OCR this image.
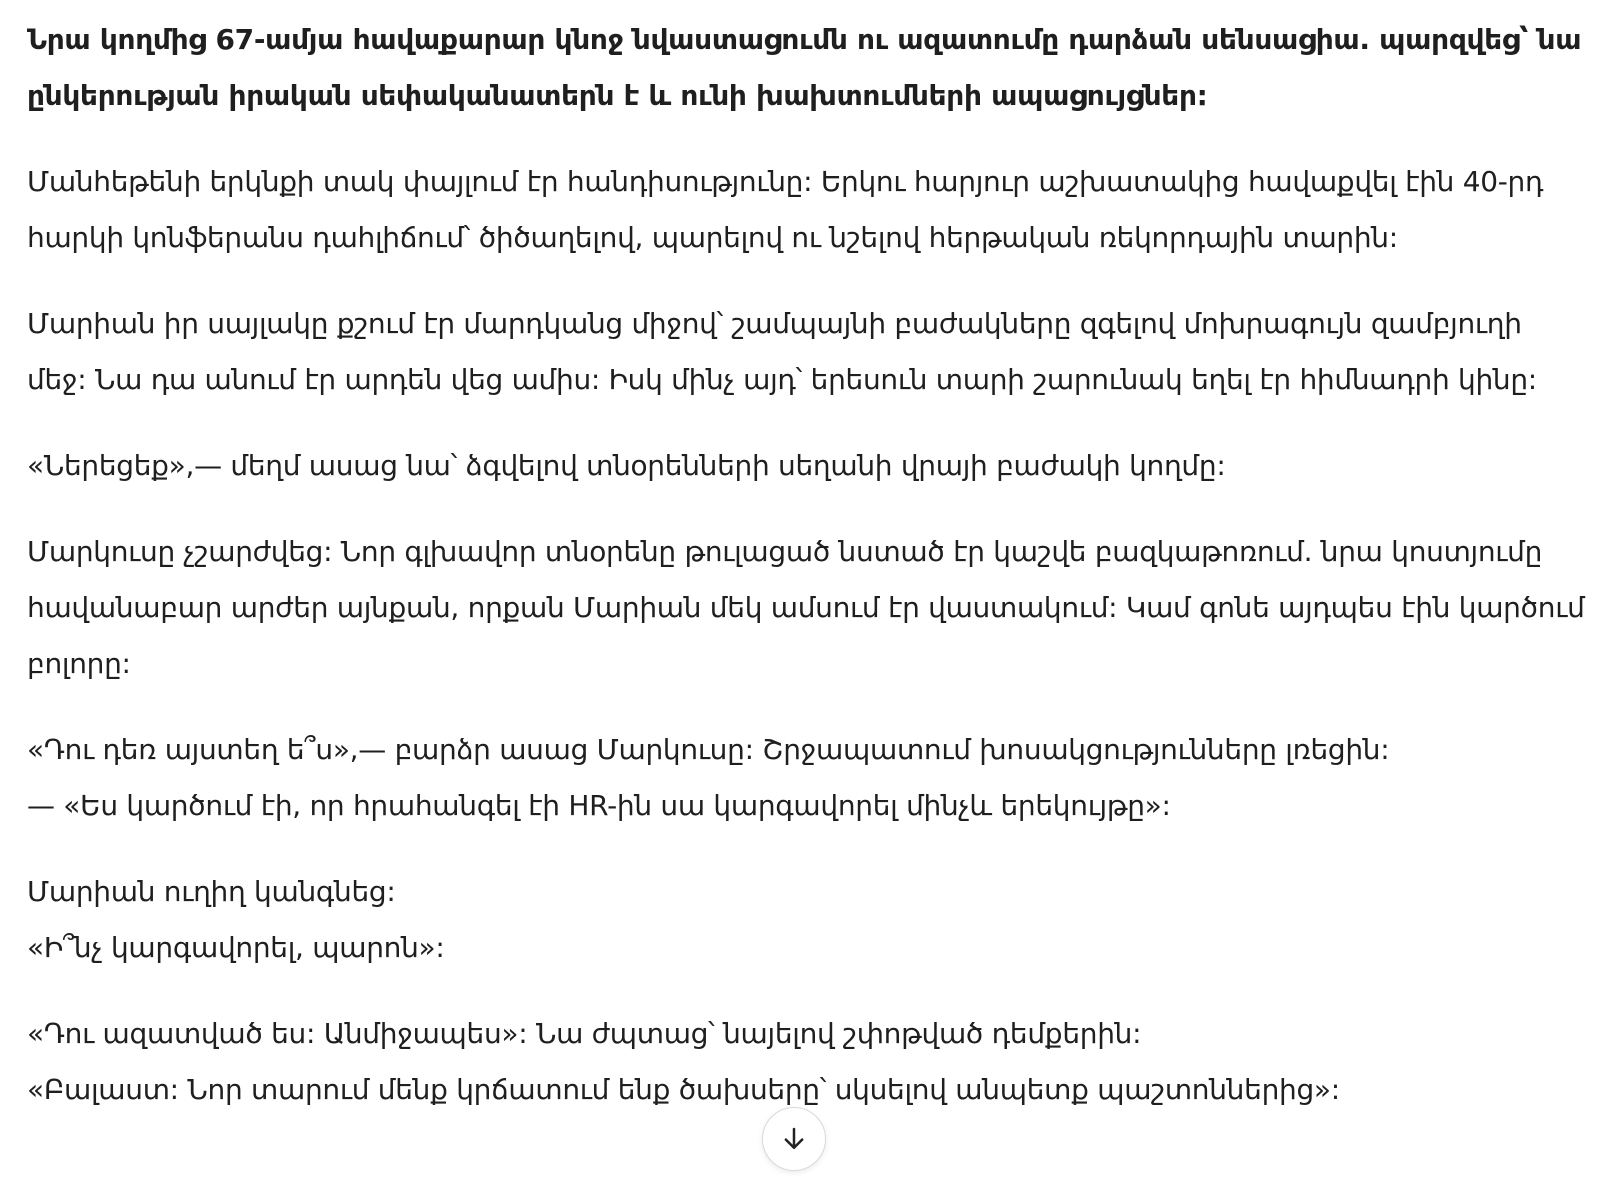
Նրա կողմից 67-ամյա հավաքարար կնոջ նվաստացումն ու ազատումը դարձան սենսացիա. պարզվեց՝ նա ընկերության իրական սեփականատերն է և ունի խախտումների ապացույցներ:

Մանհեթենի երկնքի տակ փայլում էր հանդիսությունը: Երկու հարյուր աշխատակից հավաքվել էին 40-րդ հարկի կոնֆերանս դահլիճում՝ ծիծաղելով, պարելով ու նշելով հերթական ռեկորդային տարին:

Մարիան իր սայլակը քշում էր մարդկանց միջով՝ շամպայնի բաժակները զգելով մոխրագույն զամբյուղի մեջ: Նա դա անում էր արդեն վեց ամիս: Իսկ մինչ այդ՝ երեսուն տարի շարունակ եղել էր հիմնադրի կինը:

«Ներեցեք»,— մեղմ ասաց նա՝ ձգվելով տնօրենների սեղանի վրայի բաժակի կողմը:

Մարկուսը չշարժվեց: Նոր գլխավոր տնօրենը թուլացած նստած էր կաշվե բազկաթոռում. նրա կոստյումը հավանաբար արժեր այնքան, որքան Մարիան մեկ ամսում էր վաստակում: Կամ գոնե այդպես էին կարծում բոլորը:

«Դու դեռ այստեղ ե՞ս»,— բարձր ասաց Մարկուսը: Շրջապատում խոսակցությունները լռեցին:
— «Ես կարծում էի, որ հրահանգել էի HR-ին սա կարգավորել մինչև երեկույթը»:

Մարիան ուղիղ կանգնեց:
«Ի՞նչ կարգավորել, պարոն»:

«Դու ազատված ես: Անմիջապես»: Նա ժպտաց՝ նայելով շփոթված դեմքերին:
«Բալաստ: Նոր տարում մենք կրճատում ենք ծախսերը՝ սկսելով անպետք պաշտոններից»:
